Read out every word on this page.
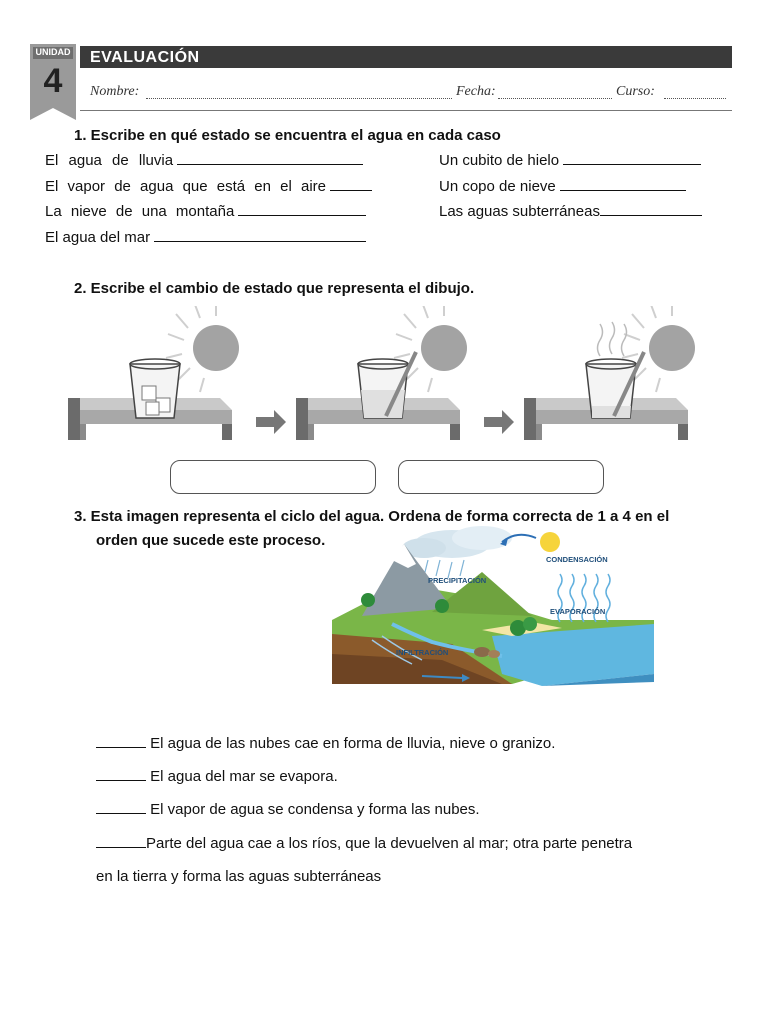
UNIDAD
4
EVALUACIÓN
Nombre:	Fecha:	Curso:
1. Escribe en qué estado se encuentra el agua en cada caso
El agua de lluvia
El vapor de agua que está en el aire
La nieve de una montaña
El agua del mar
Un cubito de hielo
Un copo de nieve
Las aguas subterráneas
2. Escribe el cambio de estado que representa el dibujo.
3. Esta imagen representa el ciclo del agua. Ordena de forma correcta de 1 a 4 en el
orden que sucede este proceso.
CONDENSACIÓN
PRECIPITACIÓN
EVAPORACIÓN
INFILTRACIÓN
El agua de las nubes cae en forma de lluvia, nieve o granizo.
El agua del mar se evapora.
El vapor de agua se condensa y forma las nubes.
Parte del agua cae a los ríos, que la devuelven al mar; otra parte penetra
en la tierra y forma las aguas subterráneas
